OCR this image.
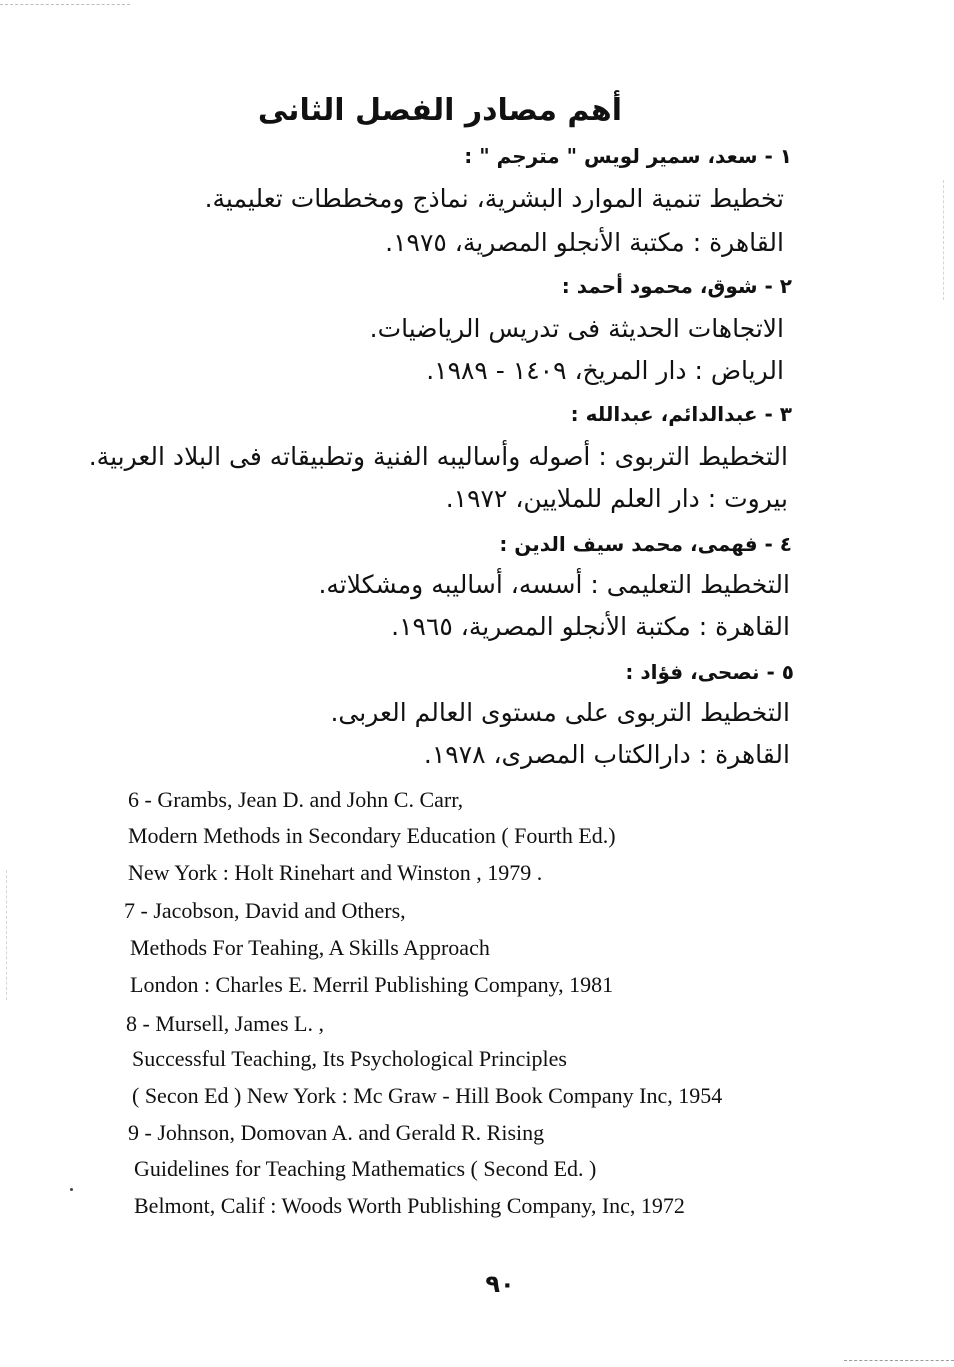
أهم مصادر الفصل الثانى
١ - سعد، سمير لويس " مترجم " :
تخطيط تنمية الموارد البشرية، نماذج ومخططات تعليمية.
القاهرة : مكتبة الأنجلو المصرية، ١٩٧٥.
٢ - شوق، محمود أحمد :
الاتجاهات الحديثة فى تدريس الرياضيات.
الرياض : دار المريخ، ١٤٠٩ - ١٩٨٩.
٣ - عبدالدائم، عبدالله :
التخطيط التربوى : أصوله وأساليبه الفنية وتطبيقاته فى البلاد العربية.
بيروت : دار العلم للملايين، ١٩٧٢.
٤ - فهمى، محمد سيف الدين :
التخطيط التعليمى : أسسه، أساليبه ومشكلاته.
القاهرة : مكتبة الأنجلو المصرية، ١٩٦٥.
٥ - نصحى، فؤاد :
التخطيط التربوى على مستوى العالم العربى.
القاهرة : دارالكتاب المصرى، ١٩٧٨.
6 - Grambs, Jean D. and John C. Carr,
Modern Methods in Secondary Education ( Fourth Ed.)
New York : Holt Rinehart and Winston , 1979 .
7 - Jacobson, David and Others,
Methods For Teahing, A Skills Approach
London : Charles E. Merril Publishing Company, 1981
8 - Mursell, James L. ,
Successful Teaching, Its Psychological Principles
( Secon Ed ) New York : Mc Graw - Hill Book Company Inc, 1954
9 - Johnson, Domovan A. and Gerald R. Rising
Guidelines for Teaching Mathematics ( Second Ed. )
Belmont, Calif : Woods Worth Publishing Company, Inc, 1972
٩٠
